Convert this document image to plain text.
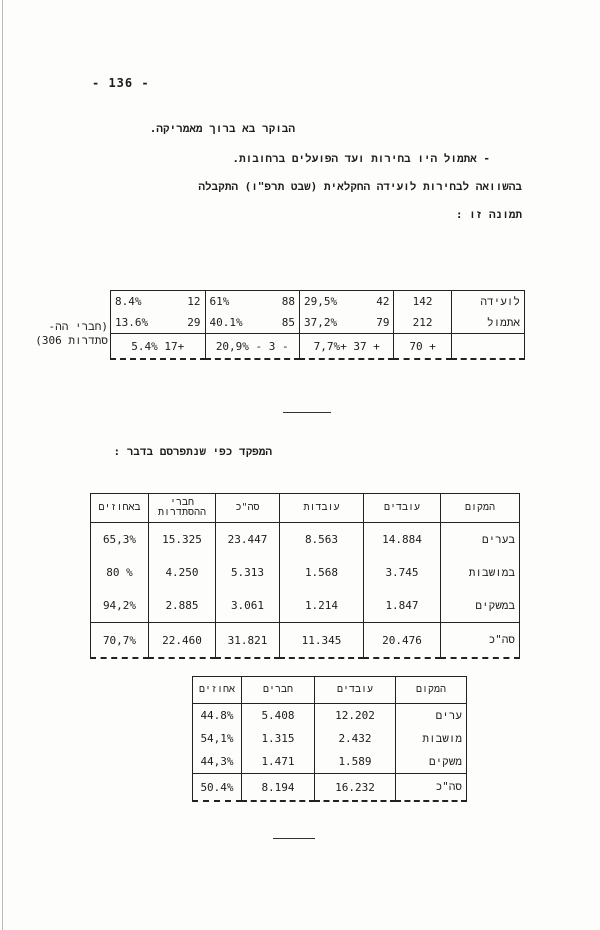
- 136 -
הבוקר בא ברוך מאמריקה.
- אתמול היו בחירות ועד הפועלים ברחובות.
בהשוואה לבחירות לועידה החקלאית (שבט תרפ"ו) התקבלה
תמונה זו :
לועידה	142	29,5% 42	61% 88	8.4% 12

אתמול	212	37,2% 79	40.1% 85	13.6% 29

	70 +	7,7%+ 37 +	20,9% - 3 -	5.4% 17+
(חברי הה- סתדרות 306)
המפקד כפי שנתפרסם בדבר :
המקום	עובדים	עובדות	סה"כ	חברי ההסתדרות	באחוזים
בערים	14.884	8.563	23.447	15.325	65,3%
במושבות	3.745	1.568	5.313	4.250	80 %
במשקים	1.847	1.214	3.061	2.885	94,2%
סה"כ	20.476	11.345	31.821	22.460	70,7%
המקום	עובדים	חברים	אחוזים
ערים	12.202	5.408	44.8%
מושבות	2.432	1.315	54,1%
משקים	1.589	1.471	44,3%
סה"כ	16.232	8.194	50.4%
